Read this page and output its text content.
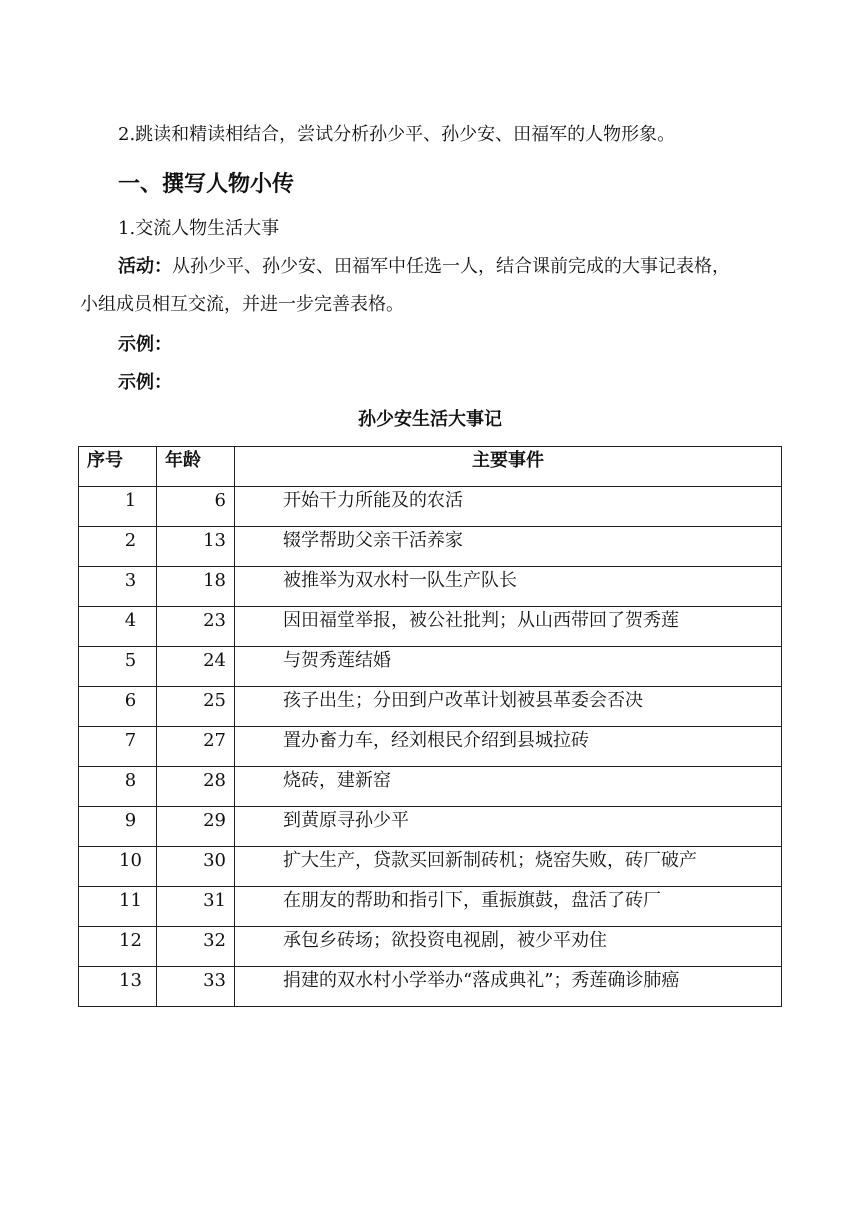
2.跳读和精读相结合，尝试分析孙少平、孙少安、田福军的人物形象。
一、撰写人物小传
1.交流人物生活大事
活动：从孙少平、孙少安、田福军中任选一人，结合课前完成的大事记表格，
小组成员相互交流，并进一步完善表格。
示例：
示例：
孙少安生活大事记
序号	年龄	主要事件
1	6	开始干力所能及的农活
2	13	辍学帮助父亲干活养家
3	18	被推举为双水村一队生产队长
4	23	因田福堂举报，被公社批判；从山西带回了贺秀莲
5	24	与贺秀莲结婚
6	25	孩子出生；分田到户改革计划被县革委会否决
7	27	置办畜力车，经刘根民介绍到县城拉砖
8	28	烧砖，建新窑
9	29	到黄原寻孙少平
10	30	扩大生产，贷款买回新制砖机；烧窑失败，砖厂破产
11	31	在朋友的帮助和指引下，重振旗鼓，盘活了砖厂
12	32	承包乡砖场；欲投资电视剧，被少平劝住
13	33	捐建的双水村小学举办“落成典礼”；秀莲确诊肺癌
